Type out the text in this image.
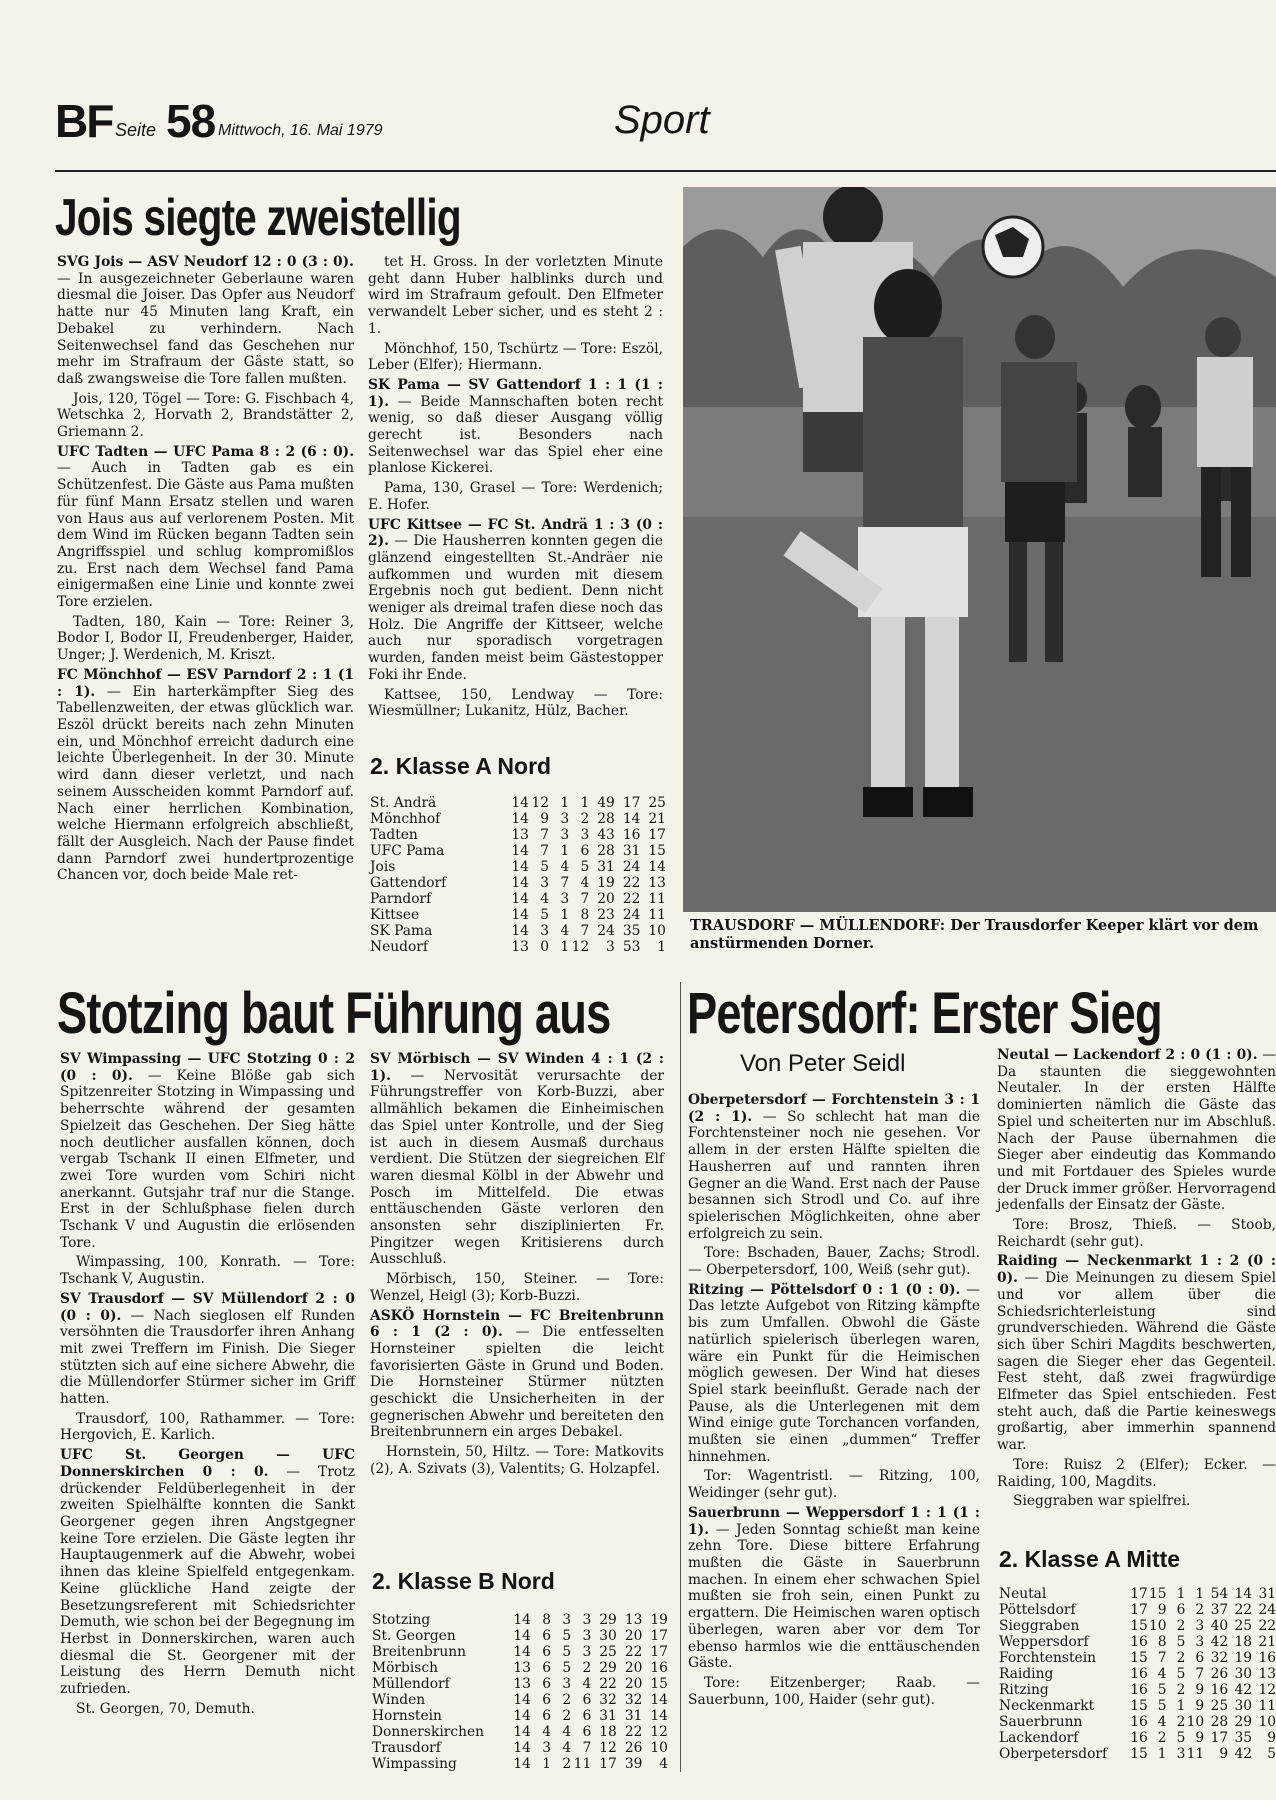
BF Seite 58 Mittwoch, 16. Mai 1979	Sport
Jois siegte zweistellig

SVG Jois — ASV Neudorf 12 : 0 (3 : 0). — In ausgezeichneter Geberlaune waren diesmal die Joiser. Das Opfer aus Neudorf hatte nur 45 Minuten lang Kraft, ein Debakel zu verhindern. Nach Seitenwechsel fand das Geschehen nur mehr im Strafraum der Gäste statt, so daß zwangsweise die Tore fallen mußten.

Jois, 120, Tögel — Tore: G. Fischbach 4, Wetschka 2, Horvath 2, Brandstätter 2, Griemann 2.

UFC Tadten — UFC Pama 8 : 2 (6 : 0). — Auch in Tadten gab es ein Schützenfest. Die Gäste aus Pama mußten für fünf Mann Ersatz stellen und waren von Haus aus auf verlorenem Posten. Mit dem Wind im Rücken begann Tadten sein Angriffsspiel und schlug kompromißlos zu. Erst nach dem Wechsel fand Pama einigermaßen eine Linie und konnte zwei Tore erzielen.

Tadten, 180, Kain — Tore: Reiner 3, Bodor I, Bodor II, Freudenberger, Haider, Unger; J. Werdenich, M. Kriszt.

FC Mönchhof — ESV Parndorf 2 : 1 (1 : 1). — Ein harterkämpfter Sieg des Tabellenzweiten, der etwas glücklich war. Eszöl drückt bereits nach zehn Minuten ein, und Mönchhof erreicht dadurch eine leichte Überlegenheit. In der 30. Minute wird dann dieser verletzt, und nach seinem Ausscheiden kommt Parndorf auf. Nach einer herrlichen Kombination, welche Hiermann erfolgreich abschließt, fällt der Ausgleich. Nach der Pause findet dann Parndorf zwei hundertprozentige Chancen vor, doch beide Male ret-

tet H. Gross. In der vorletzten Minute geht dann Huber halblinks durch und wird im Strafraum gefoult. Den Elfmeter verwandelt Leber sicher, und es steht 2 : 1.

Mönchhof, 150, Tschürtz — Tore: Eszöl, Leber (Elfer); Hiermann.

SK Pama — SV Gattendorf 1 : 1 (1 : 1). — Beide Mannschaften boten recht wenig, so daß dieser Ausgang völlig gerecht ist. Besonders nach Seitenwechsel war das Spiel eher eine planlose Kickerei.

Pama, 130, Grasel — Tore: Werdenich; E. Hofer.

UFC Kittsee — FC St. Andrä 1 : 3 (0 : 2). — Die Hausherren konnten gegen die glänzend eingestellten St.-Andräer nie aufkommen und wurden mit diesem Ergebnis noch gut bedient. Denn nicht weniger als dreimal trafen diese noch das Holz. Die Angriffe der Kittseer, welche auch nur sporadisch vorgetragen wurden, fanden meist beim Gästestopper Foki ihr Ende.

Kattsee, 150, Lendway — Tore: Wiesmüllner; Lukanitz, Hülz, Bacher.

2. Klasse A Nord
St. Andrä	14 12 1 1 49 17 25
Mönchhof	14 9 3 2 28 14 21
Tadten	13 7 3 3 43 16 17
UFC Pama	14 7 1 6 28 31 15
Jois	14 5 4 5 31 24 14
Gattendorf	14 3 7 4 19 22 13
Parndorf	14 4 3 7 20 22 11
Kittsee	14 5 1 8 23 24 11
SK Pama	14 3 4 7 24 35 10
Neudorf	13 0 1 12	3 53	1
TRAUSDORF — MÜLLENDORF: Der Trausdorfer Keeper klärt vor dem anstürmenden Dorner.
Stotzing baut Führung aus

SV Wimpassing — UFC Stotzing 0 : 2 (0 : 0). — Keine Blöße gab sich Spitzenreiter Stotzing in Wimpassing und beherrschte während der gesamten Spielzeit das Geschehen. Der Sieg hätte noch deutlicher ausfallen können, doch vergab Tschank II einen Elfmeter, und zwei Tore wurden vom Schiri nicht anerkannt. Gutsjahr traf nur die Stange. Erst in der Schlußphase fielen durch Tschank V und Augustin die erlösenden Tore.

Wimpassing, 100, Konrath. — Tore: Tschank V, Augustin.

SV Trausdorf — SV Müllendorf 2 : 0 (0 : 0). — Nach sieglosen elf Runden versöhnten die Trausdorfer ihren Anhang mit zwei Treffern im Finish. Die Sieger stützten sich auf eine sichere Abwehr, die die Müllendorfer Stürmer sicher im Griff hatten.

Trausdorf, 100, Rathammer. — Tore: Hergovich, E. Karlich.

UFC St. Georgen — UFC Donnerskirchen 0 : 0. — Trotz drückender Feldüberlegenheit in der zweiten Spielhälfte konnten die Sankt Georgener gegen ihren Angstgegner keine Tore erzielen. Die Gäste legten ihr Hauptaugenmerk auf die Abwehr, wobei ihnen das kleine Spielfeld entgegenkam. Keine glückliche Hand zeigte der Besetzungsreferent mit Schiedsrichter Demuth, wie schon bei der Begegnung im Herbst in Donnerskirchen, waren auch diesmal die St. Georgener mit der Leistung des Herrn Demuth nicht zufrieden.

St. Georgen, 70, Demuth.

SV Mörbisch — SV Winden 4 : 1 (2 : 1). — Nervosität verursachte der Führungstreffer von Korb-Buzzi, aber allmählich bekamen die Einheimischen das Spiel unter Kontrolle, und der Sieg ist auch in diesem Ausmaß durchaus verdient. Die Stützen der siegreichen Elf waren diesmal Kölbl in der Abwehr und Posch im Mittelfeld. Die etwas enttäuschenden Gäste verloren den ansonsten sehr disziplinierten Fr. Pingitzer wegen Kritisierens durch Ausschluß.

Mörbisch, 150, Steiner. — Tore: Wenzel, Heigl (3); Korb-Buzzi.

ASKÖ Hornstein — FC Breitenbrunn 6 : 1 (2 : 0). — Die entfesselten Hornsteiner spielten die leicht favorisierten Gäste in Grund und Boden. Die Hornsteiner Stürmer nützten geschickt die Unsicherheiten in der gegnerischen Abwehr und bereiteten den Breitenbrunnern ein arges Debakel.

Hornstein, 50, Hiltz. — Tore: Matkovits (2), A. Szivats (3), Valentits; G. Holzapfel.

2. Klasse B Nord
Stotzing	14 8 3 3 29 13 19
St. Georgen	14 6 5 3 30 20 17
Breitenbrunn	14 6 5 3 25 22 17
Mörbisch	13 6 5 2 29 20 16
Müllendorf	13 6 3 4 22 20 15
Winden	14 6 2 6 32 32 14
Hornstein	14 6 2 6 31 31 14
Donnerskirchen	14 4 4 6 18 22 12
Trausdorf	14 3 4 7 12 26 10
Wimpassing	14 1 2 11 17 39	4
Petersdorf: Erster Sieg
Von Peter Seidl

Oberpetersdorf — Forchtenstein 3 : 1 (2 : 1). — So schlecht hat man die Forchtensteiner noch nie gesehen. Vor allem in der ersten Hälfte spielten die Hausherren auf und rannten ihren Gegner an die Wand. Erst nach der Pause besannen sich Strodl und Co. auf ihre spielerischen Möglichkeiten, ohne aber erfolgreich zu sein.

Tore: Bschaden, Bauer, Zachs; Strodl. — Oberpetersdorf, 100, Weiß (sehr gut).

Ritzing — Pöttelsdorf 0 : 1 (0 : 0). — Das letzte Aufgebot von Ritzing kämpfte bis zum Umfallen. Obwohl die Gäste natürlich spielerisch überlegen waren, wäre ein Punkt für die Heimischen möglich gewesen. Der Wind hat dieses Spiel stark beeinflußt. Gerade nach der Pause, als die Unterlegenen mit dem Wind einige gute Torchancen vorfanden, mußten sie einen „dummen“ Treffer hinnehmen.

Tor: Wagentristl. — Ritzing, 100, Weidinger (sehr gut).

Sauerbrunn — Weppersdorf 1 : 1 (1 : 1). — Jeden Sonntag schießt man keine zehn Tore. Diese bittere Erfahrung mußten die Gäste in Sauerbrunn machen. In einem eher schwachen Spiel mußten sie froh sein, einen Punkt zu ergattern. Die Heimischen waren optisch überlegen, waren aber vor dem Tor ebenso harmlos wie die enttäuschenden Gäste.

Tore: Eitzenberger; Raab. — Sauerbunn, 100, Haider (sehr gut).

Neutal — Lackendorf 2 : 0 (1 : 0). — Da staunten die sieggewohnten Neutaler. In der ersten Hälfte dominierten nämlich die Gäste das Spiel und scheiterten nur im Abschluß. Nach der Pause übernahmen die Sieger aber eindeutig das Kommando und mit Fortdauer des Spieles wurde der Druck immer größer. Hervorragend jedenfalls der Einsatz der Gäste.

Tore: Brosz, Thieß. — Stoob, Reichardt (sehr gut).

Raiding — Neckenmarkt 1 : 2 (0 : 0). — Die Meinungen zu diesem Spiel und vor allem über die Schiedsrichterleistung sind grundverschieden. Während die Gäste sich über Schiri Magdits beschwerten, sagen die Sieger eher das Gegenteil. Fest steht, daß zwei fragwürdige Elfmeter das Spiel entschieden. Fest steht auch, daß die Partie keineswegs großartig, aber immerhin spannend war.

Tore: Ruisz 2 (Elfer); Ecker. — Raiding, 100, Magdits.

Sieggraben war spielfrei.

2. Klasse A Mitte
Neutal	17 15 1 1 54 14 31
Pöttelsdorf	17 9 6 2 37 22 24
Sieggraben	15 10 2 3 40 25 22
Weppersdorf	16 8 5 3 42 18 21
Forchtenstein	15 7 2 6 32 19 16
Raiding	16 4 5 7 26 30 13
Ritzing	16 5 2 9 16 42 12
Neckenmarkt	15 5 1 9 25 30 11
Sauerbrunn	16 4 2 10 28 29 10
Lackendorf	16 2 5 9 17 35	9
Oberpetersdorf	15 1 3 11	9 42	5
